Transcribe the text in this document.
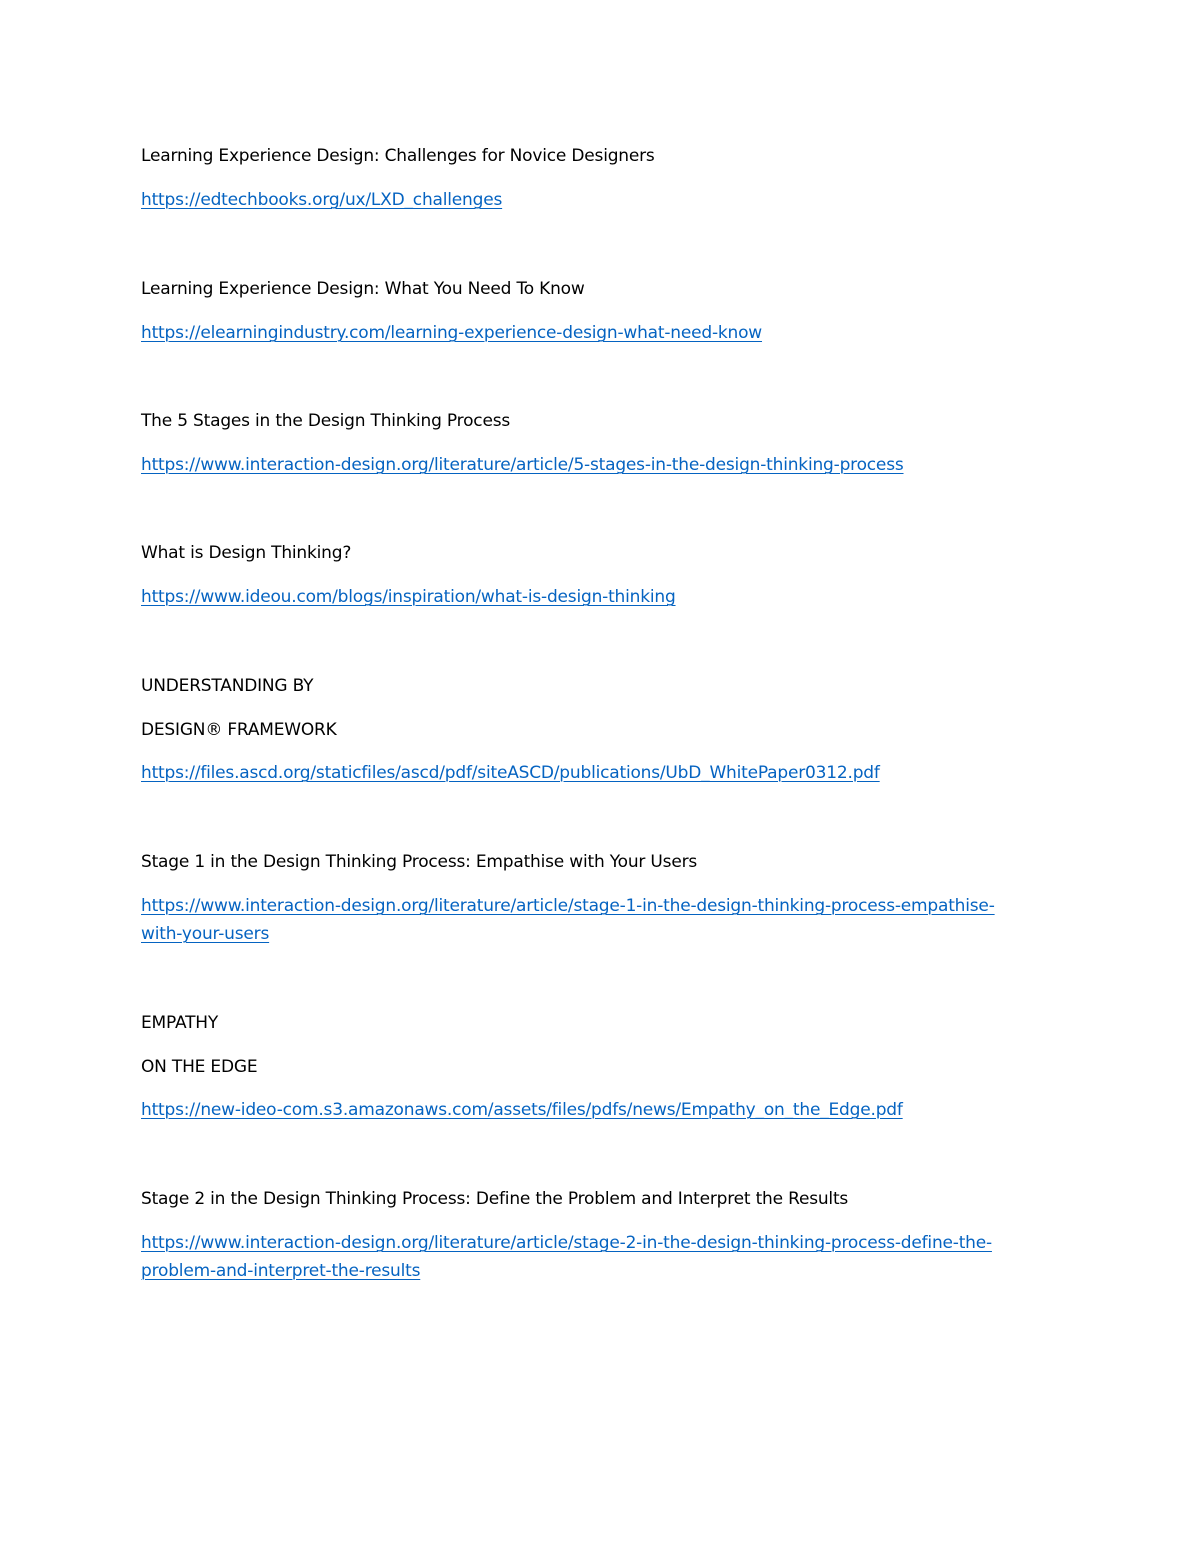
Learning Experience Design: Challenges for Novice Designers
https://edtechbooks.org/ux/LXD_challenges
Learning Experience Design: What You Need To Know
https://elearningindustry.com/learning-experience-design-what-need-know
The 5 Stages in the Design Thinking Process
https://www.interaction-design.org/literature/article/5-stages-in-the-design-thinking-process
What is Design Thinking?
https://www.ideou.com/blogs/inspiration/what-is-design-thinking
UNDERSTANDING BY
DESIGN® FRAMEWORK
https://files.ascd.org/staticfiles/ascd/pdf/siteASCD/publications/UbD_WhitePaper0312.pdf
Stage 1 in the Design Thinking Process: Empathise with Your Users
https://www.interaction-design.org/literature/article/stage-1-in-the-design-thinking-process-empathise-
with-your-users
EMPATHY
ON THE EDGE
https://new-ideo-com.s3.amazonaws.com/assets/files/pdfs/news/Empathy_on_the_Edge.pdf
Stage 2 in the Design Thinking Process: Define the Problem and Interpret the Results
https://www.interaction-design.org/literature/article/stage-2-in-the-design-thinking-process-define-the-
problem-and-interpret-the-results
